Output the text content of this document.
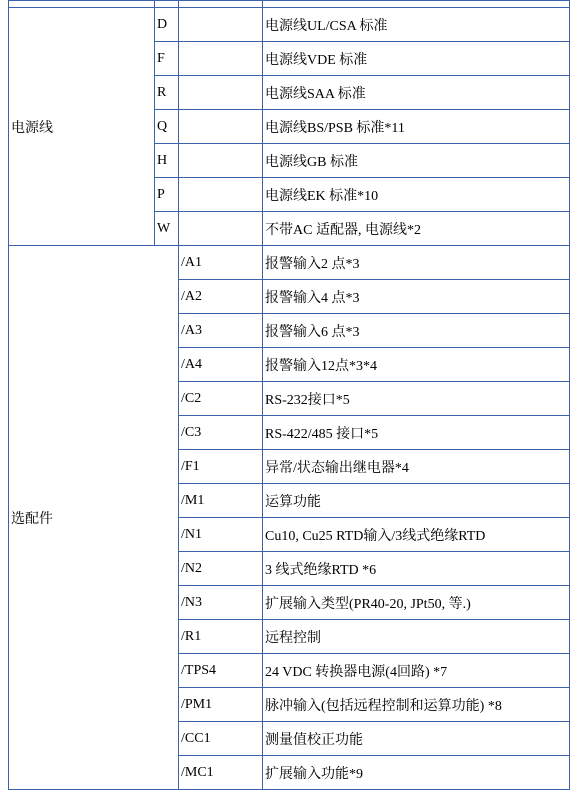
电源线	D		电源线UL/CSA 标准
	F		电源线VDE 标准
	R		电源线SAA 标准
	Q		电源线BS/PSB 标准*11
	H		电源线GB 标准
	P		电源线EK 标准*10
	W		不带AC 适配器, 电源线*2
选配件		/A1	报警输入2 点*3
		/A2	报警输入4 点*3
		/A3	报警输入6 点*3
		/A4	报警输入12点*3*4
		/C2	RS-232接口*5
		/C3	RS-422/485 接口*5
		/F1	异常/状态输出继电器*4
		/M1	运算功能
		/N1	Cu10, Cu25 RTD输入/3线式绝缘RTD
		/N2	3 线式绝缘RTD *6
		/N3	扩展输入类型(PR40-20, JPt50, 等.)
		/R1	远程控制
		/TPS4	24 VDC 转换器电源(4回路) *7
		/PM1	脉冲输入(包括远程控制和运算功能) *8
		/CC1	测量值校正功能
		/MC1	扩展输入功能*9
